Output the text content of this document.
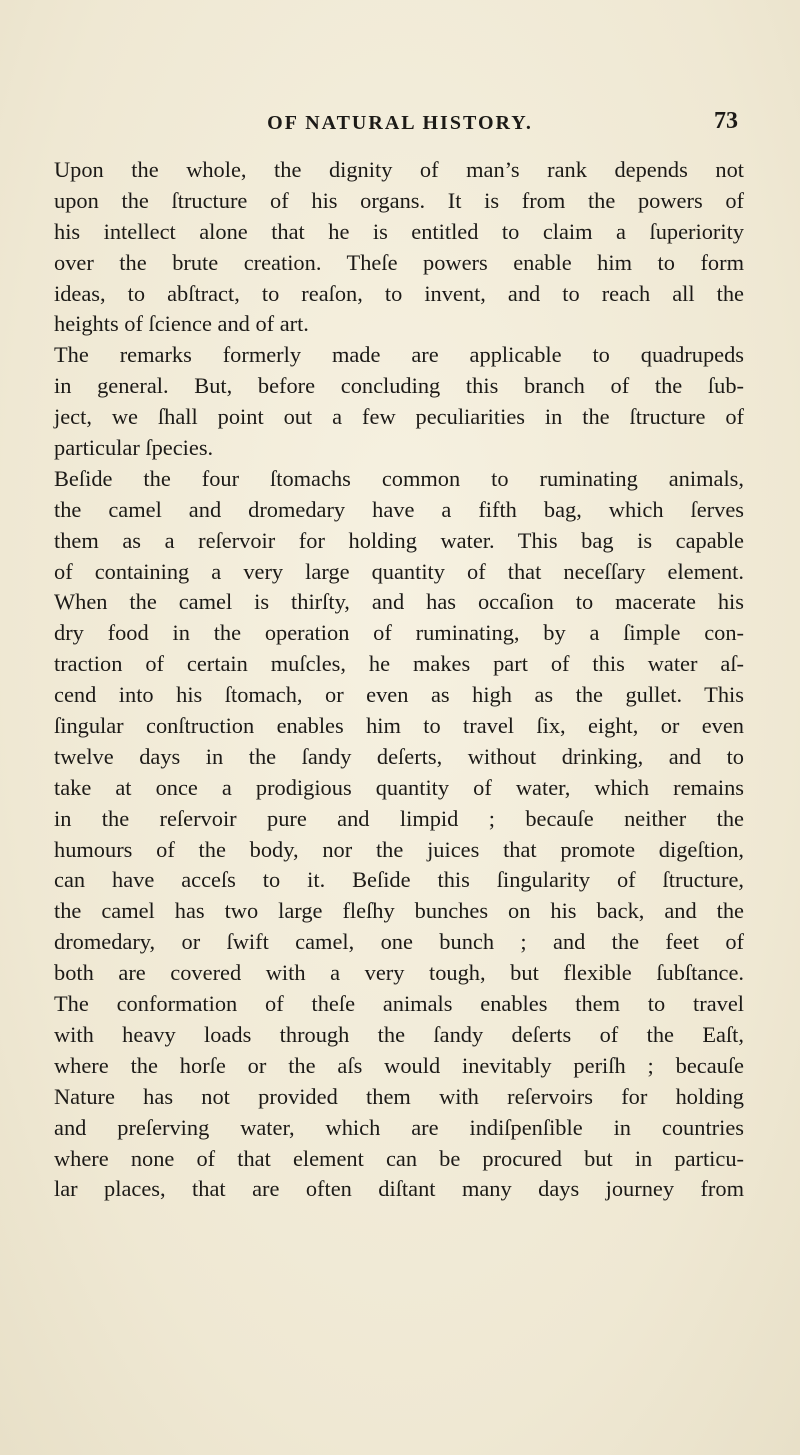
OF NATURAL HISTORY.	73
Upon the whole, the dignity of man’s rank depends not
upon the ſtructure of his organs. It is from the powers of
his intellect alone that he is entitled to claim a ſuperiority
over the brute creation. Theſe powers enable him to form
ideas, to abſtract, to reaſon, to invent, and to reach all the
heights of ſcience and of art.
The remarks formerly made are applicable to quadrupeds
in general. But, before concluding this branch of the ſub-
ject, we ſhall point out a few peculiarities in the ſtructure of
particular ſpecies.
Beſide the four ſtomachs common to ruminating animals,
the camel and dromedary have a fifth bag, which ſerves
them as a reſervoir for holding water. This bag is capable
of containing a very large quantity of that neceſſary element.
When the camel is thirſty, and has occaſion to macerate his
dry food in the operation of ruminating, by a ſimple con-
traction of certain muſcles, he makes part of this water aſ-
cend into his ſtomach, or even as high as the gullet. This
ſingular conſtruction enables him to travel ſix, eight, or even
twelve days in the ſandy deſerts, without drinking, and to
take at once a prodigious quantity of water, which remains
in the reſervoir pure and limpid ; becauſe neither the
humours of the body, nor the juices that promote digeſtion,
can have acceſs to it. Beſide this ſingularity of ſtructure,
the camel has two large fleſhy bunches on his back, and the
dromedary, or ſwift camel, one bunch ; and the feet of
both are covered with a very tough, but flexible ſubſtance.
The conformation of theſe animals enables them to travel
with heavy loads through the ſandy deſerts of the Eaſt,
where the horſe or the aſs would inevitably periſh ; becauſe
Nature has not provided them with reſervoirs for holding
and preſerving water, which are indiſpenſible in countries
where none of that element can be procured but in particu-
lar places, that are often diſtant many days journey from
